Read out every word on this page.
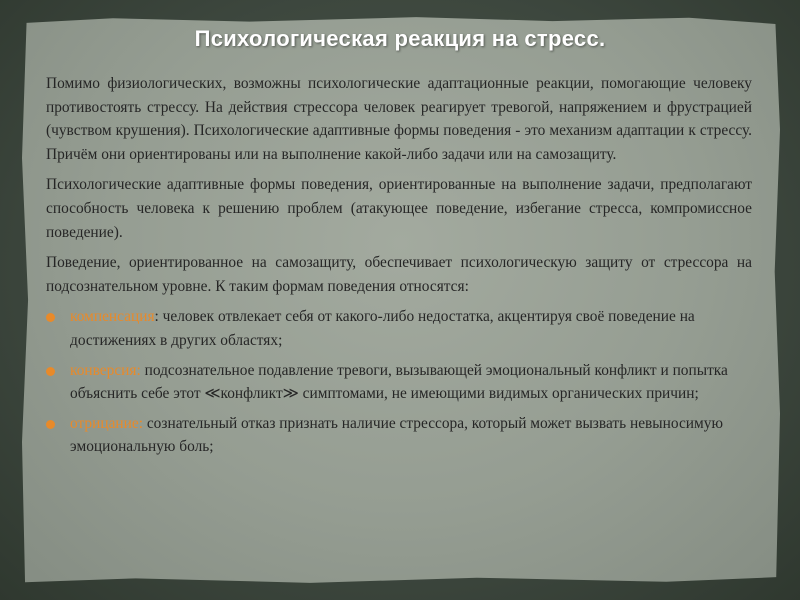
Психологическая реакция на стресс.

Помимо физиологических, возможны психологические адаптационные реакции, помогающие человеку противостоять стрессу. На действия стрессора человек реагирует тревогой, напряжением и фрустрацией (чувством крушения). Психологические адаптивные формы поведения - это механизм адаптации к стрессу. Причём они ориентированы или на выполнение какой-либо задачи или на самозащиту.

Психологические адаптивные формы поведения, ориентированные на выполнение задачи, предполагают способность человека к решению проблем (атакующее поведение, избегание стресса, компромиссное поведение).

Поведение, ориентированное на самозащиту, обеспечивает психологическую защиту от стрессора на подсознательном уровне. К таким формам поведения относятся:

компенсация: человек отвлекает себя от какого-либо недостатка, акцентируя своё поведение на достижениях в других областях;
конверсия: подсознательное подавление тревоги, вызывающей эмоциональный конфликт и попытка объяснить себе этот ≪конфликт≫ симптомами, не имеющими видимых органических причин;
отрицание: сознательный отказ признать наличие стрессора, который может вызвать невыносимую эмоциональную боль;
